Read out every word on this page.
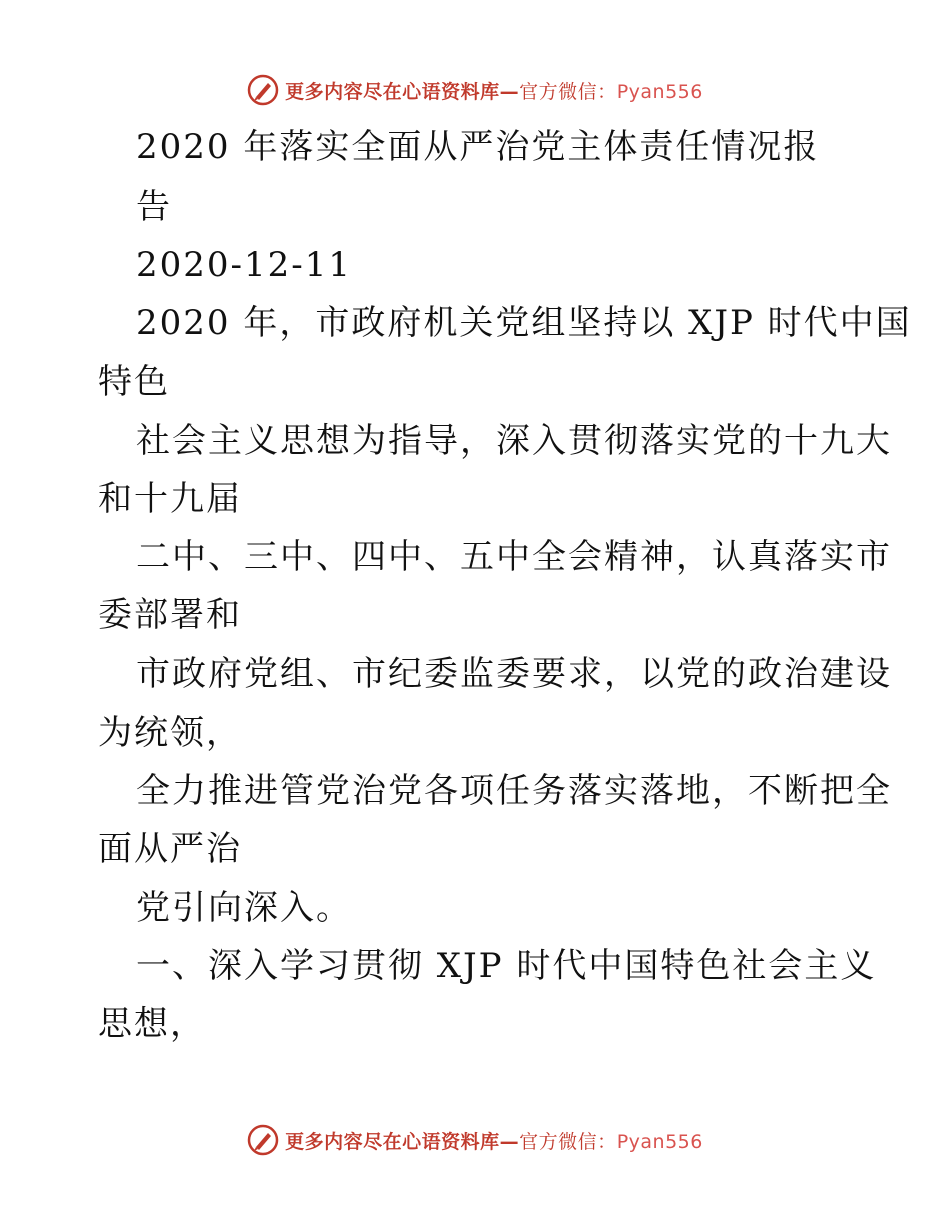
更多内容尽在心语资料库—官方微信：Pyan556
2020 年落实全面从严治党主体责任情况报
告
2020-12-11
2020 年，市政府机关党组坚持以 XJP 时代中国
特色
社会主义思想为指导，深入贯彻落实党的十九大
和十九届
二中、三中、四中、五中全会精神，认真落实市
委部署和
市政府党组、市纪委监委要求，以党的政治建设
为统领，
全力推进管党治党各项任务落实落地，不断把全
面从严治
党引向深入。
一、深入学习贯彻 XJP 时代中国特色社会主义
思想，
更多内容尽在心语资料库—官方微信：Pyan556
